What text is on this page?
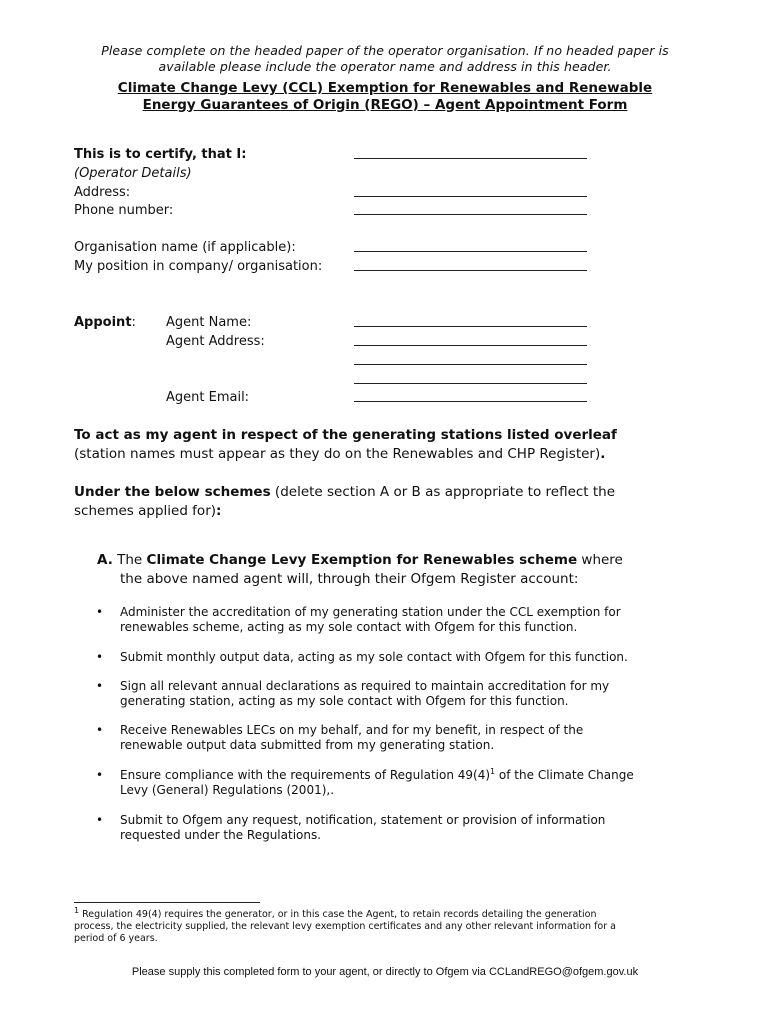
Please complete on the headed paper of the operator organisation. If no headed paper is
available please include the operator name and address in this header.
Climate Change Levy (CCL) Exemption for Renewables and Renewable
Energy Guarantees of Origin (REGO) – Agent Appointment Form
This is to certify, that I:
(Operator Details)
Address:
Phone number:
Organisation name (if applicable):
My position in company/ organisation:
Appoint: Agent Name:
Agent Address:
Agent Email:
To act as my agent in respect of the generating stations listed overleaf
(station names must appear as they do on the Renewables and CHP Register).
Under the below schemes (delete section A or B as appropriate to reflect the
schemes applied for):
A. The Climate Change Levy Exemption for Renewables scheme where
the above named agent will, through their Ofgem Register account:
• Administer the accreditation of my generating station under the CCL exemption for
renewables scheme, acting as my sole contact with Ofgem for this function.
• Submit monthly output data, acting as my sole contact with Ofgem for this function.
• Sign all relevant annual declarations as required to maintain accreditation for my
generating station, acting as my sole contact with Ofgem for this function.
• Receive Renewables LECs on my behalf, and for my benefit, in respect of the
renewable output data submitted from my generating station.
• Ensure compliance with the requirements of Regulation $49(4)^1$ of the Climate Change
Levy (General) Regulations (2001),.
• Submit to Ofgem any request, notification, statement or provision of information
requested under the Regulations.
$^1$ Regulation 49(4) requires the generator, or in this case the Agent, to retain records detailing the generation
process, the electricity supplied, the relevant levy exemption certificates and any other relevant information for a
period of 6 years.
Please supply this completed form to your agent, or directly to Ofgem via CCLandREGO@ofgem.gov.uk
